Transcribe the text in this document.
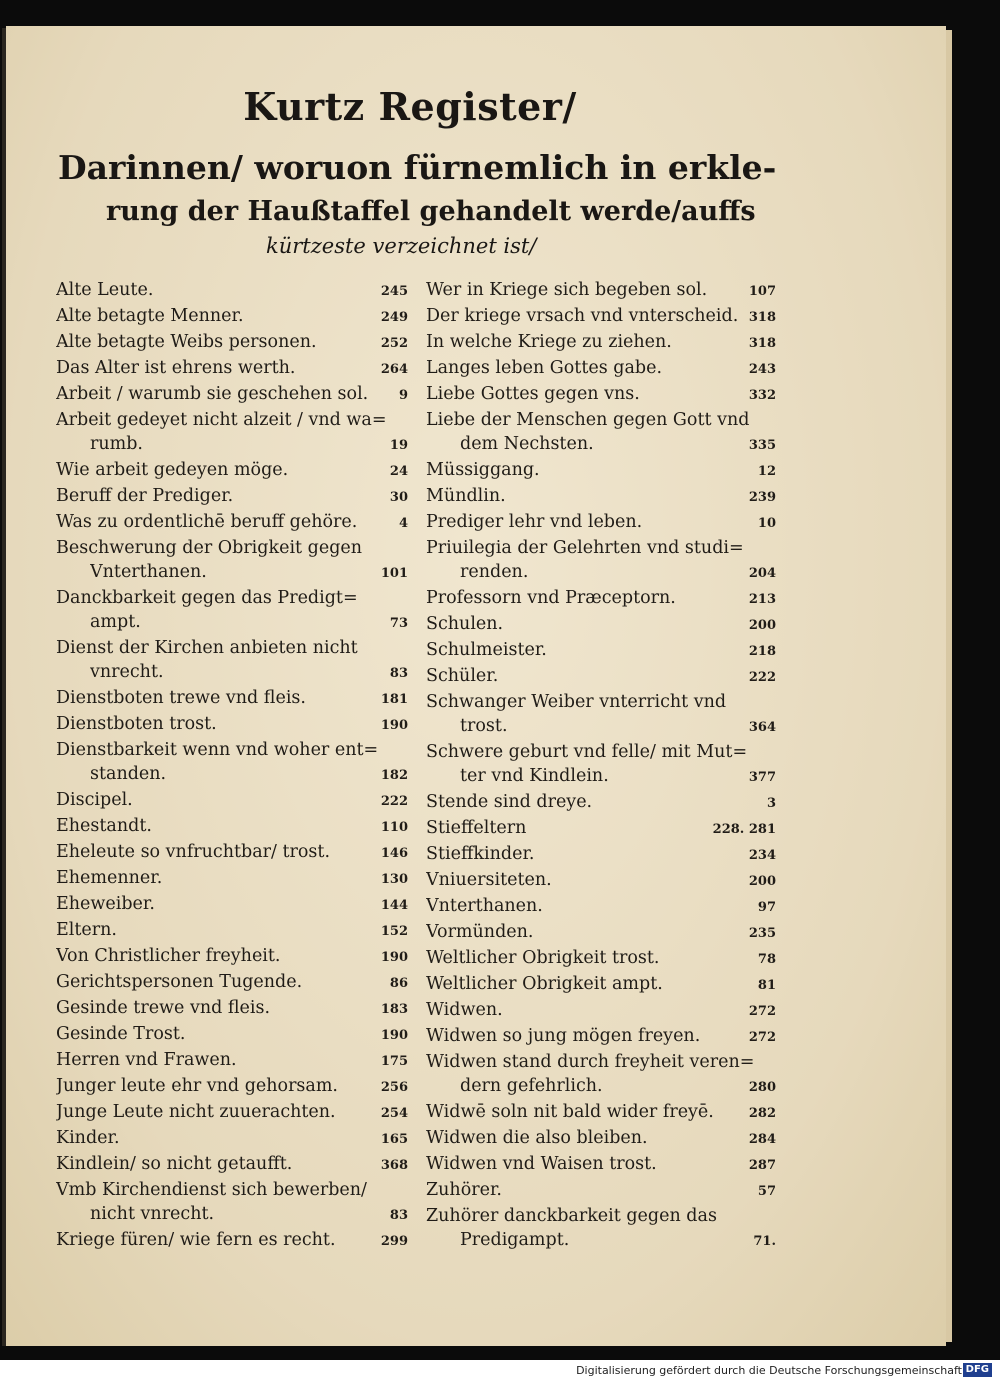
Kurtz Register/
Darinnen/ woruon fürnemlich in erkle-
rung der Haußtaffel gehandelt werde/auffs
kürtzeste verzeichnet ist/
Alte Leute.	245
Alte betagte Menner.	249
Alte betagte Weibs personen.	252
Das Alter ist ehrens werth.	264
Arbeit / warumb sie geschehen sol.	9
Arbeit gedeyet nicht alzeit / vnd wa=
rumb.	19
Wie arbeit gedeyen möge.	24
Beruff der Prediger.	30
Was zu ordentlichē beruff gehöre.	4
Beschwerung der Obrigkeit gegen
Vnterthanen.	101
Danckbarkeit gegen das Predigt=
ampt.	73
Dienst der Kirchen anbieten nicht
vnrecht.	83
Dienstboten trewe vnd fleis.	181
Dienstboten trost.	190
Dienstbarkeit wenn vnd woher ent=
standen.	182
Discipel.	222
Ehestandt.	110
Eheleute so vnfruchtbar/ trost.	146
Ehemenner.	130
Eheweiber.	144
Eltern.	152
Von Christlicher freyheit.	190
Gerichtspersonen Tugende.	86
Gesinde trewe vnd fleis.	183
Gesinde Trost.	190
Herren vnd Frawen.	175
Junger leute ehr vnd gehorsam.	256
Junge Leute nicht zuuerachten.	254
Kinder.	165
Kindlein/ so nicht getaufft.	368
Vmb Kirchendienst sich bewerben/
nicht vnrecht.	83
Kriege füren/ wie fern es recht.	299
Wer in Kriege sich begeben sol.	107
Der kriege vrsach vnd vnterscheid. 318
In welche Kriege zu ziehen.	318
Langes leben Gottes gabe.	243
Liebe Gottes gegen vns.	332
Liebe der Menschen gegen Gott vnd
dem Nechsten.	335
Müssiggang.	12
Mündlin.	239
Prediger lehr vnd leben.	10
Priuilegia der Gelehrten vnd studi=
renden.	204
Professorn vnd Præceptorn.	213
Schulen.	200
Schulmeister.	218
Schüler.	222
Schwanger Weiber vnterricht vnd
trost.	364
Schwere geburt vnd felle/ mit Mut=
ter vnd Kindlein.	377
Stende sind dreye.	3
Stieffeltern	228. 281
Stieffkinder.	234
Vniuersiteten.	200
Vnterthanen.	97
Vormünden.	235
Weltlicher Obrigkeit trost.	78
Weltlicher Obrigkeit ampt.	81
Widwen.	272
Widwen so jung mögen freyen.	272
Widwen stand durch freyheit veren=
dern gefehrlich.	280
Widwē soln nit bald wider freyē.	282
Widwen die also bleiben.	284
Widwen vnd Waisen trost.	287
Zuhörer.	57
Zuhörer danckbarkeit gegen das
Predigampt.	71.
Digitalisierung gefördert durch die Deutsche Forschungsgemeinschaft DFG
